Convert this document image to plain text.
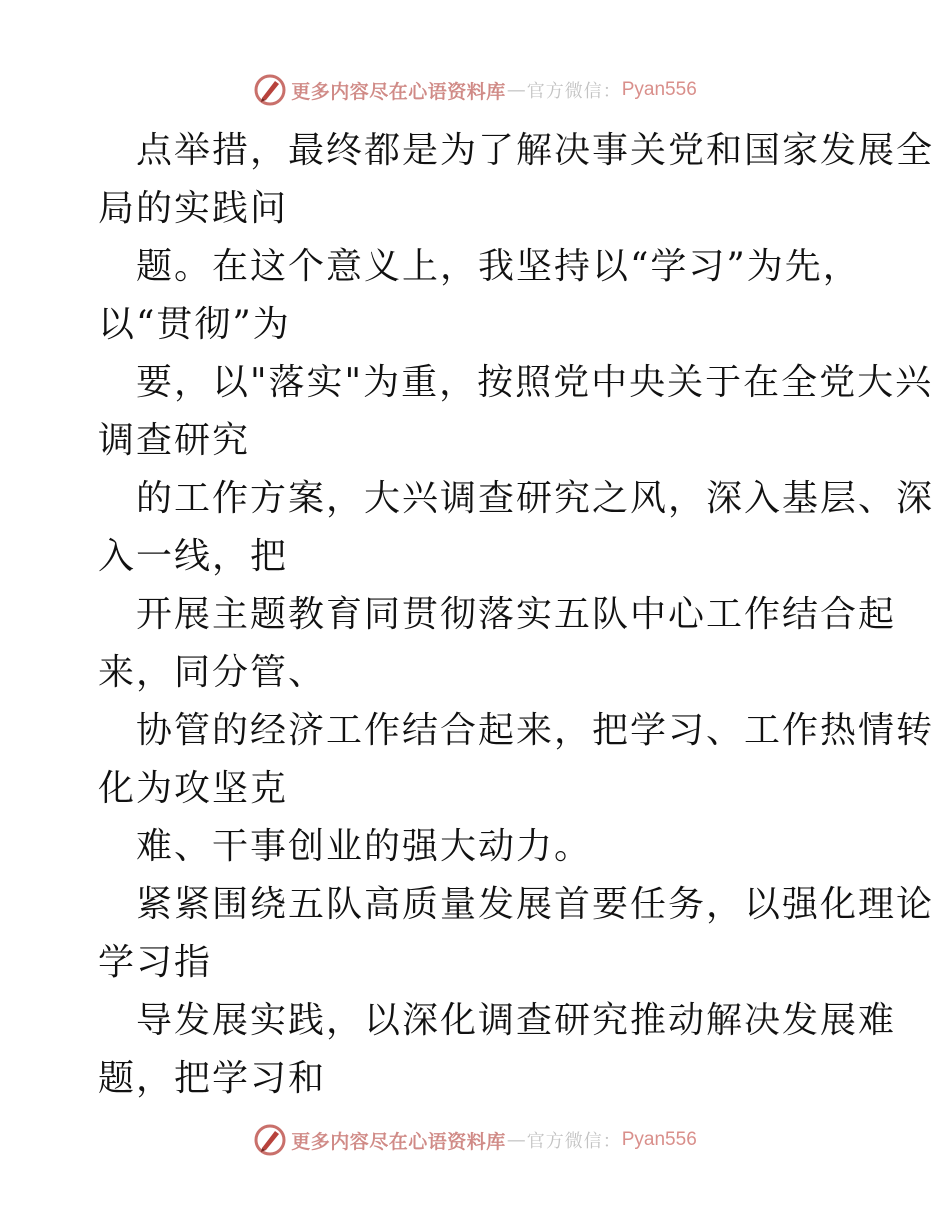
更多内容尽在心语资料库 — 官方微信： Pyan556
点举措，最终都是为了解决事关党和国家发展全
局的实践问
题。在这个意义上，我坚持以“学习”为先，
以“贯彻”为
要，以"落实"为重，按照党中央关于在全党大兴
调查研究
的工作方案，大兴调查研究之风，深入基层、深
入一线，把
开展主题教育同贯彻落实五队中心工作结合起
来，同分管、
协管的经济工作结合起来，把学习、工作热情转
化为攻坚克
难、干事创业的强大动力。
紧紧围绕五队高质量发展首要任务，以强化理论
学习指
导发展实践，以深化调查研究推动解决发展难
题，把学习和
更多内容尽在心语资料库 — 官方微信： Pyan556
